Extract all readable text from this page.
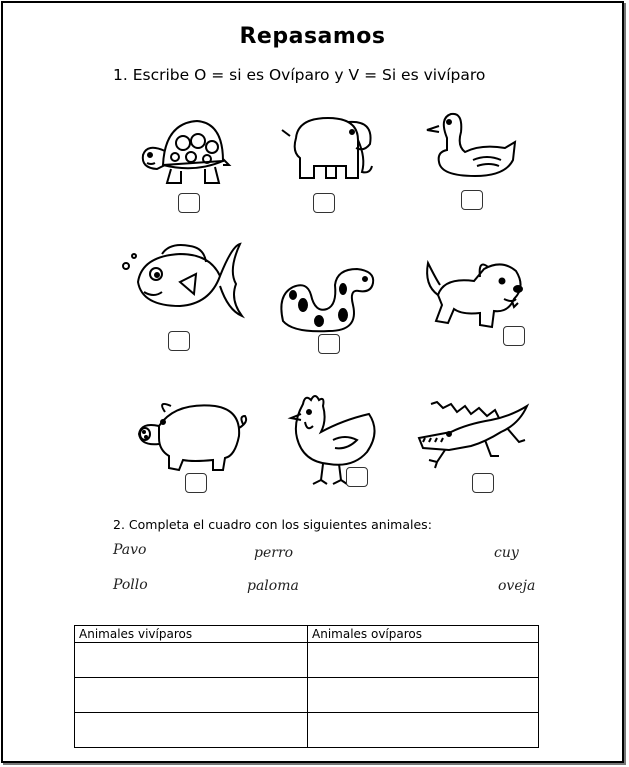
Repasamos
1. Escribe O = si es Ovíparo y V = Si es vivíparo
2. Completa el cuadro con los siguientes animales:
Pavo	perro	cuy
Pollo	paloma	oveja
Animales vivíparos	Animales ovíparos
